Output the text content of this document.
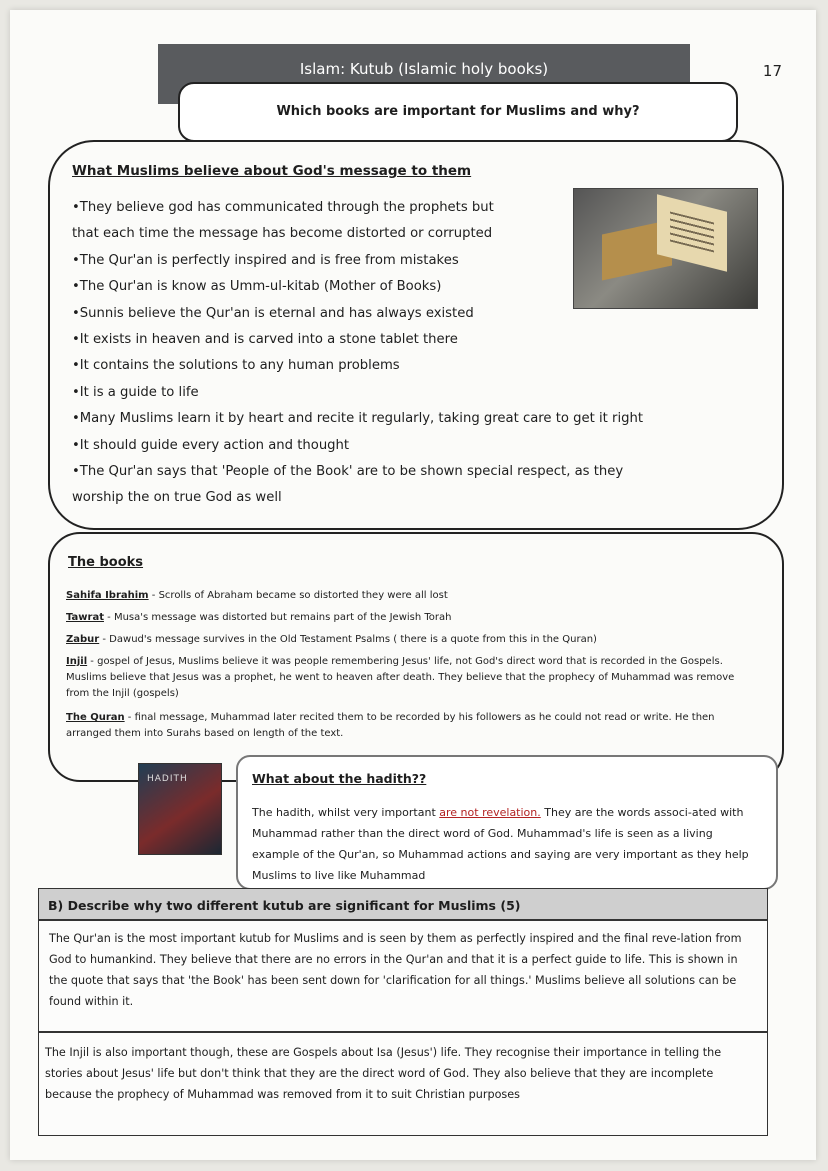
17
Islam: Kutub (Islamic holy books)
Which books are important for Muslims and why?
What Muslims believe about God's message to them
•They believe god has communicated through the prophets but
that each time the message has become distorted or corrupted
•The Qur'an is perfectly inspired and is free from mistakes
•The Qur'an is know as Umm-ul-kitab (Mother of Books)
•Sunnis believe the Qur'an is eternal and has always existed
•It exists in heaven and is carved into a stone tablet there
•It contains the solutions to any human problems
•It is a guide to life
•Many Muslims learn it by heart and recite it regularly, taking great care to get it right
•It should guide every action and thought
•The Qur'an says that 'People of the Book' are to be shown special respect, as they
worship the on true God as well
The books
Sahifa Ibrahim - Scrolls of Abraham became so distorted they were all lost
Tawrat - Musa's message was distorted but remains part of the Jewish Torah
Zabur - Dawud's message survives in the Old Testament Psalms ( there is a quote from this in the Quran)
Injil - gospel of Jesus, Muslims believe it was people remembering Jesus' life, not God's direct word that is recorded in the Gospels. Muslims believe that Jesus was a prophet, he went to heaven after death. They believe that the prophecy of Muhammad was remove from the Injil (gospels)
The Quran - final message, Muhammad later recited them to be recorded by his followers as he could not read or write. He then arranged them into Surahs based on length of the text.
HADITH	What about the hadith??
The hadith, whilst very important are not revelation. They are the words associ-ated with Muhammad rather than the direct word of God. Muhammad's life is seen as a living example of the Qur'an, so Muhammad actions and saying are very important as they help Muslims to live like Muhammad
B) Describe why two different kutub are significant for Muslims (5)
The Qur'an is the most important kutub for Muslims and is seen by them as perfectly inspired and the final reve-lation from God to humankind. They believe that there are no errors in the Qur'an and that it is a perfect guide to life. This is shown in the quote that says that 'the Book' has been sent down for 'clarification for all things.' Muslims believe all solutions can be found within it.
The Injil is also important though, these are Gospels about Isa (Jesus') life. They recognise their importance in telling the stories about Jesus' life but don't think that they are the direct word of God. They also believe that they are incomplete because the prophecy of Muhammad was removed from it to suit Christian purposes
